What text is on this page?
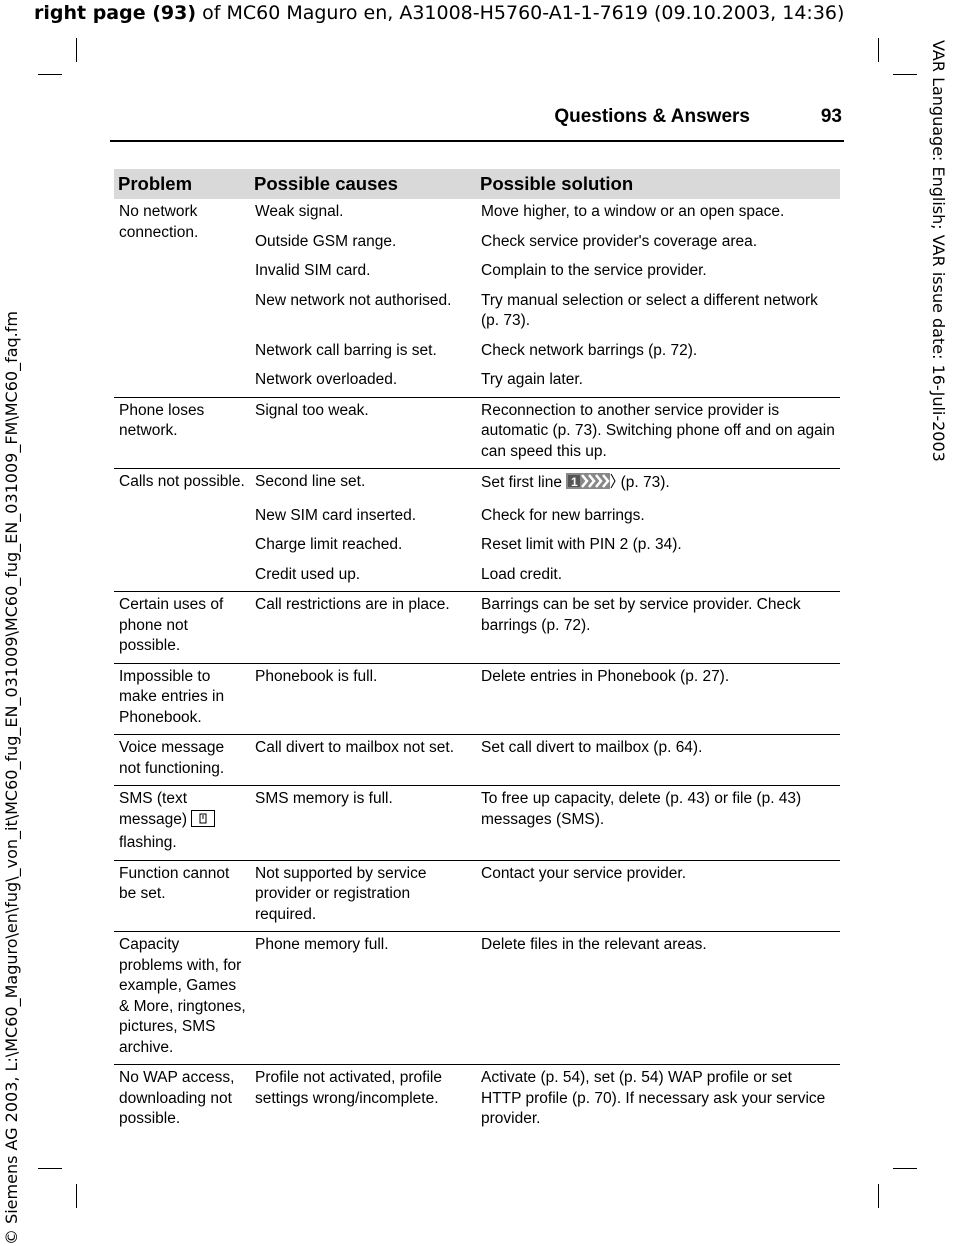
right page (93) of MC60 Maguro en, A31008-H5760-A1-1-7619 (09.10.2003, 14:36)
VAR Language: English; VAR issue date: 16-Juli-2003
© Siemens AG 2003, L:\MC60_Maguro\en\fug\_von_it\MC60_fug_EN_031009\MC60_fug_EN_031009_FM\MC60_faq.fm
Questions & Answers	93
Problem	Possible causes	Possible solution
No network connection.	Weak signal.	Move higher, to a window or an open space.
	Outside GSM range.	Check service provider's coverage area.
	Invalid SIM card.	Complain to the service provider.
	New network not authorised.	Try manual selection or select a different network (p. 73).
	Network call barring is set.	Check network barrings (p. 72).
	Network overloaded.	Try again later.
Phone loses network.	Signal too weak.	Reconnection to another service provider is automatic (p. 73). Switching phone off and on again can speed this up.
Calls not possible.	Second line set.	Set first line 1 (p. 73).
	New SIM card inserted.	Check for new barrings.
	Charge limit reached.	Reset limit with PIN 2 (p. 34).
	Credit used up.	Load credit.
Certain uses of phone not possible.	Call restrictions are in place.	Barrings can be set by service provider. Check barrings (p. 72).
Impossible to make entries in Phonebook.	Phonebook is full.	Delete entries in Phonebook (p. 27).
Voice message not functioning.	Call divert to mailbox not set.	Set call divert to mailbox (p. 64).
SMS (text message)  flashing.	SMS memory is full.	To free up capacity, delete (p. 43) or file (p. 43) messages (SMS).
Function cannot be set.	Not supported by service provider or registration required.	Contact your service provider.
Capacity problems with, for example, Games & More, ringtones, pictures, SMS archive.	Phone memory full.	Delete files in the relevant areas.
No WAP access, downloading not possible.	Profile not activated, profile settings wrong/incomplete.	Activate (p. 54), set (p. 54) WAP profile or set HTTP profile (p. 70). If necessary ask your service provider.
